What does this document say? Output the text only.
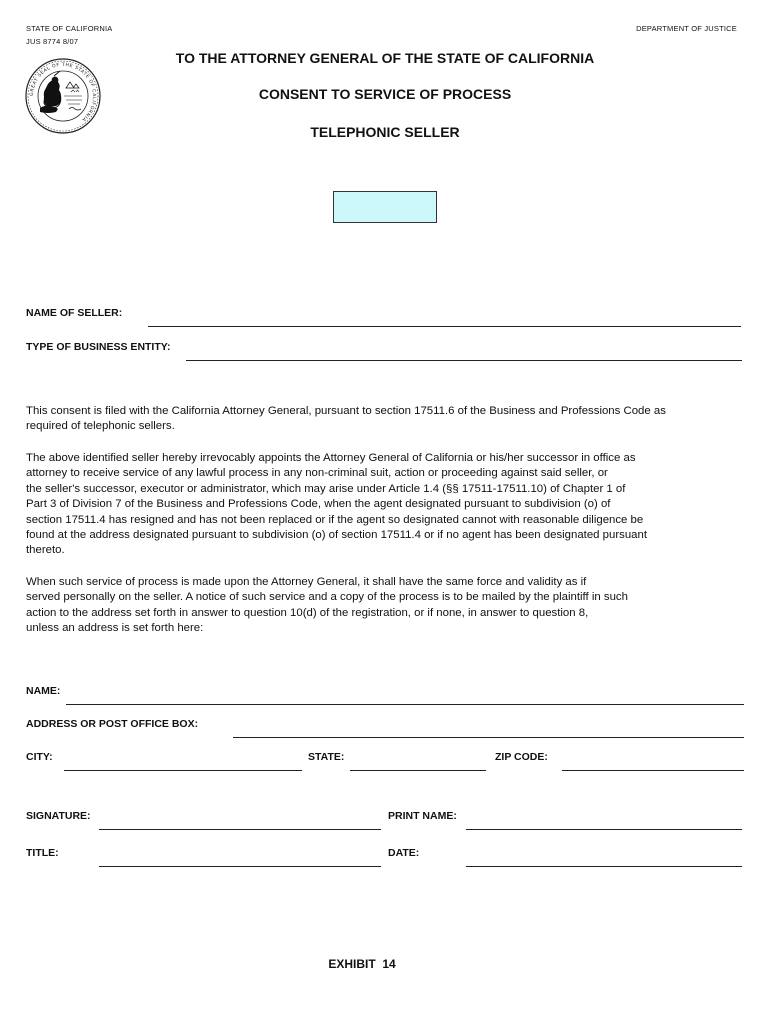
STATE OF CALIFORNIA
JUS 8774 8/07
DEPARTMENT OF JUSTICE
GREAT SEAL OF THE STATE OF CALIFORNIA
TO THE ATTORNEY GENERAL OF THE STATE OF CALIFORNIA
CONSENT TO SERVICE OF PROCESS
TELEPHONIC SELLER
NAME OF SELLER:
TYPE OF BUSINESS ENTITY:
This consent is filed with the California Attorney General, pursuant to section 17511.6 of the Business and Professions Code as
required of telephonic sellers.
The above identified seller hereby irrevocably appoints the Attorney General of California or his/her successor in office as
attorney to receive service of any lawful process in any non-criminal suit, action or proceeding against said seller, or
the seller's successor, executor or administrator, which may arise under Article 1.4 (§§ 17511-17511.10) of Chapter 1 of
Part 3 of Division 7 of the Business and Professions Code, when the agent designated pursuant to subdivision (o) of
section 17511.4 has resigned and has not been replaced or if the agent so designated cannot with reasonable diligence be
found at the address designated pursuant to subdivision (o) of section 17511.4 or if no agent has been designated pursuant
thereto.
When such service of process is made upon the Attorney General, it shall have the same force and validity as if
served personally on the seller. A notice of such service and a copy of the process is to be mailed by the plaintiff in such
action to the address set forth in answer to question 10(d) of the registration, or if none, in answer to question 8,
unless an address is set forth here:
NAME:
ADDRESS OR POST OFFICE BOX:
CITY:	STATE:	ZIP CODE:
SIGNATURE:	PRINT NAME:
TITLE:	DATE:
EXHIBIT  14
